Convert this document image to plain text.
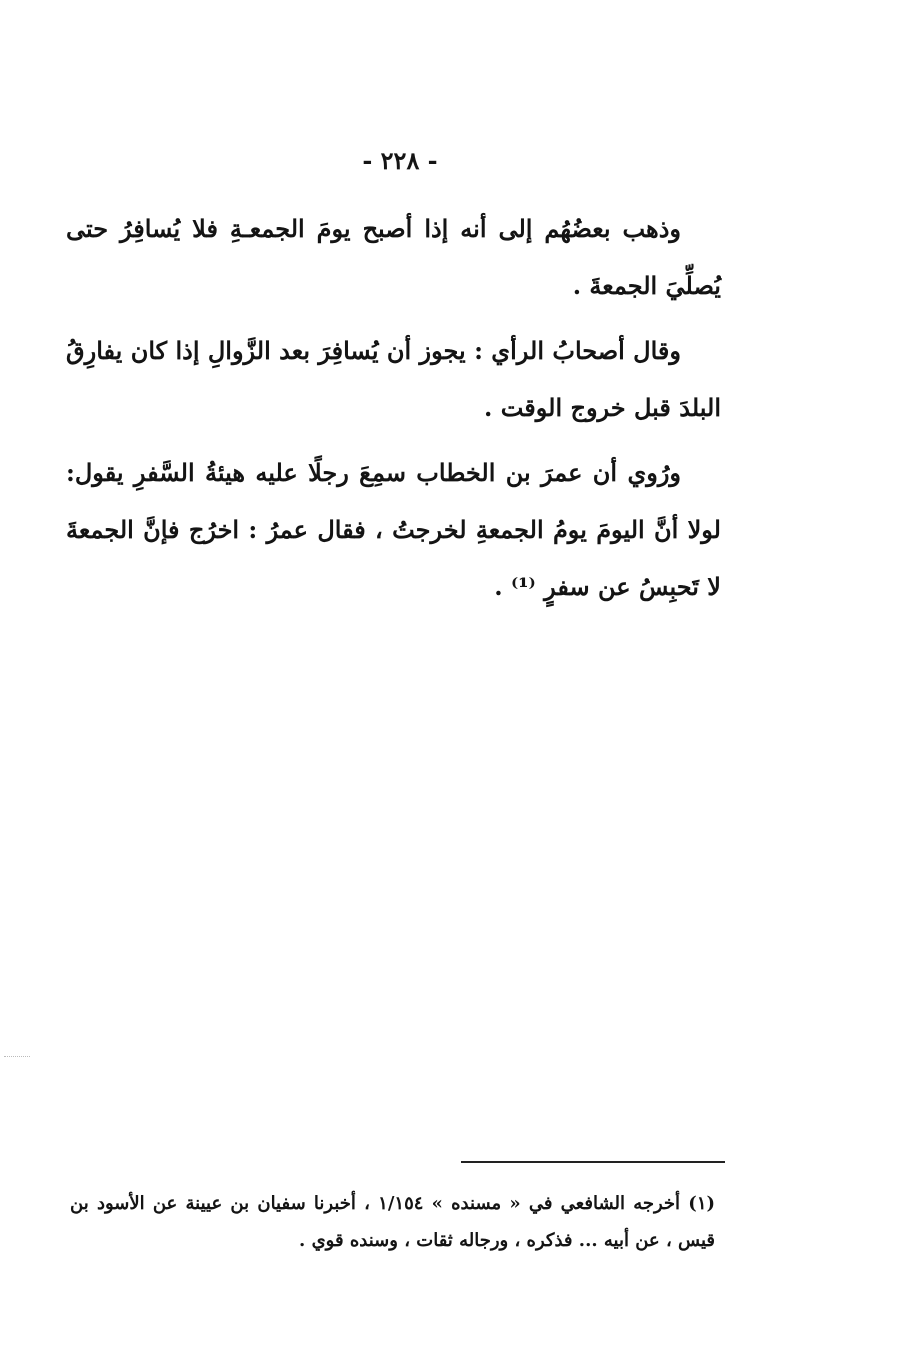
- ٢٢٨ -

وذهب بعضُهُم إلى أنه إذا أصبح يومَ الجمعـةِ فلا يُسافِرُ حتى يُصلِّيَ الجمعةَ .

وقال أصحابُ الرأي : يجوز أن يُسافِرَ بعد الزَّوالِ إذا كان يفارِقُ البلدَ قبل خروج الوقت .

ورُوي أن عمرَ بن الخطاب سمِعَ رجلًا عليه هيئةُ السَّفرِ يقول: لولا أنَّ اليومَ يومُ الجمعةِ لخرجتُ ، فقال عمرُ : اخرُج فإنَّ الجمعةَ لا تَحبِسُ عن سفرٍ ⁽¹⁾ .

(١) أخرجه الشافعي في « مسنده » ١/١٥٤ ، أخبرنا سفيان بن عيينة عن الأسود بن قيس ، عن أبيه ... فذكره ، ورجاله ثقات ، وسنده قوي .
